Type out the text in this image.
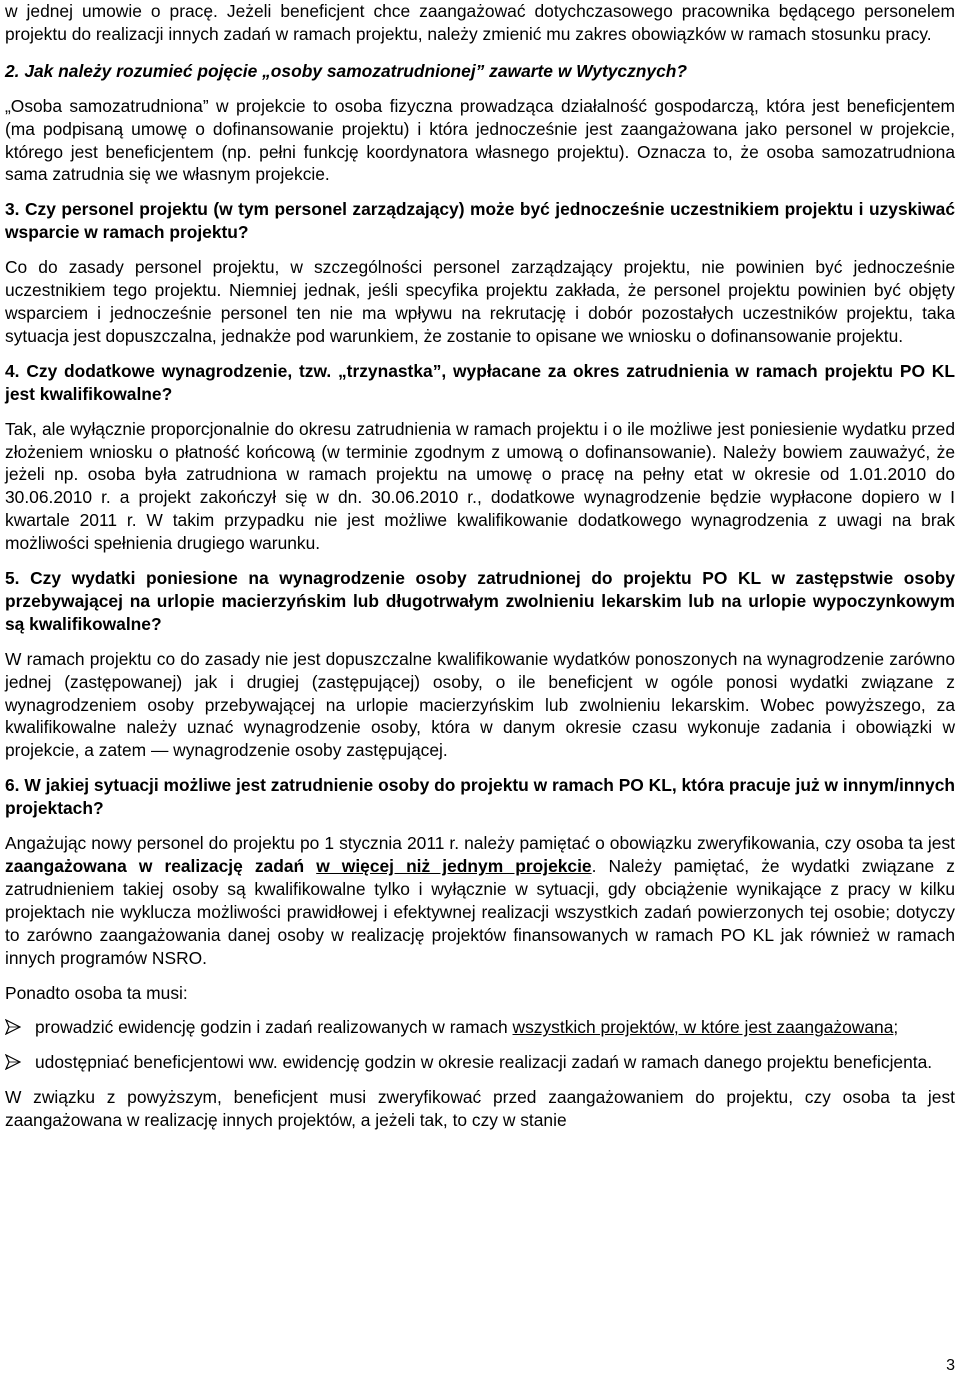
w jednej umowie o pracę. Jeżeli beneficjent chce zaangażować dotychczasowego pracownika będącego personelem projektu do realizacji innych zadań w ramach projektu, należy zmienić mu zakres obowiązków w ramach stosunku pracy.

2. Jak należy rozumieć pojęcie „osoby samozatrudnionej” zawarte w Wytycznych?

„Osoba samozatrudniona” w projekcie to osoba fizyczna prowadząca działalność gospodarczą, która jest beneficjentem (ma podpisaną umowę o dofinansowanie projektu) i która jednocześnie jest zaangażowana jako personel w projekcie, którego jest beneficjentem (np. pełni funkcję koordynatora własnego projektu). Oznacza to, że osoba samozatrudniona sama zatrudnia się we własnym projekcie.

3. Czy personel projektu (w tym personel zarządzający) może być jednocześnie uczestnikiem projektu i uzyskiwać wsparcie w ramach projektu?

Co do zasady personel projektu, w szczególności personel zarządzający projektu, nie powinien być jednocześnie uczestnikiem tego projektu. Niemniej jednak, jeśli specyfika projektu zakłada, że personel projektu powinien być objęty wsparciem i jednocześnie personel ten nie ma wpływu na rekrutację i dobór pozostałych uczestników projektu, taka sytuacja jest dopuszczalna, jednakże pod warunkiem, że zostanie to opisane we wniosku o dofinansowanie projektu.

4. Czy dodatkowe wynagrodzenie, tzw. „trzynastka”, wypłacane za okres zatrudnienia w ramach projektu PO KL jest kwalifikowalne?

Tak, ale wyłącznie proporcjonalnie do okresu zatrudnienia w ramach projektu i o ile możliwe jest poniesienie wydatku przed złożeniem wniosku o płatność końcową (w terminie zgodnym z umową o dofinansowanie). Należy bowiem zauważyć, że jeżeli np. osoba była zatrudniona w ramach projektu na umowę o pracę na pełny etat w okresie od 1.01.2010 do 30.06.2010 r. a projekt zakończył się w dn. 30.06.2010 r., dodatkowe wynagrodzenie będzie wypłacone dopiero w I kwartale 2011 r. W takim przypadku nie jest możliwe kwalifikowanie dodatkowego wynagrodzenia z uwagi na brak możliwości spełnienia drugiego warunku.

5. Czy wydatki poniesione na wynagrodzenie osoby zatrudnionej do projektu PO KL w zastępstwie osoby przebywającej na urlopie macierzyńskim lub długotrwałym zwolnieniu lekarskim lub na urlopie wypoczynkowym są kwalifikowalne?

W ramach projektu co do zasady nie jest dopuszczalne kwalifikowanie wydatków ponoszonych na wynagrodzenie zarówno jednej (zastępowanej) jak i drugiej (zastępującej) osoby, o ile beneficjent w ogóle ponosi wydatki związane z wynagrodzeniem osoby przebywającej na urlopie macierzyńskim lub zwolnieniu lekarskim. Wobec powyższego, za kwalifikowalne należy uznać wynagrodzenie osoby, która w danym okresie czasu wykonuje zadania i obowiązki w projekcie, a zatem — wynagrodzenie osoby zastępującej.

6. W jakiej sytuacji możliwe jest zatrudnienie osoby do projektu w ramach PO KL, która pracuje już w innym/innych projektach?

Angażując nowy personel do projektu po 1 stycznia 2011 r. należy pamiętać o obowiązku zweryfikowania, czy osoba ta jest zaangażowana w realizację zadań w więcej niż jednym projekcie. Należy pamiętać, że wydatki związane z zatrudnieniem takiej osoby są kwalifikowalne tylko i wyłącznie w sytuacji, gdy obciążenie wynikające z pracy w kilku projektach nie wyklucza możliwości prawidłowej i efektywnej realizacji wszystkich zadań powierzonych tej osobie; dotyczy to zarówno zaangażowania danej osoby w realizację projektów finansowanych w ramach PO KL jak również w ramach innych programów NSRO.

Ponadto osoba ta musi:

prowadzić ewidencję godzin i zadań realizowanych w ramach wszystkich projektów, w które jest zaangażowana;
udostępniać beneficjentowi ww. ewidencję godzin w okresie realizacji zadań w ramach danego projektu beneficjenta.

W związku z powyższym, beneficjent musi zweryfikować przed zaangażowaniem do projektu, czy osoba ta jest zaangażowana w realizację innych projektów, a jeżeli tak, to czy w stanie

3
